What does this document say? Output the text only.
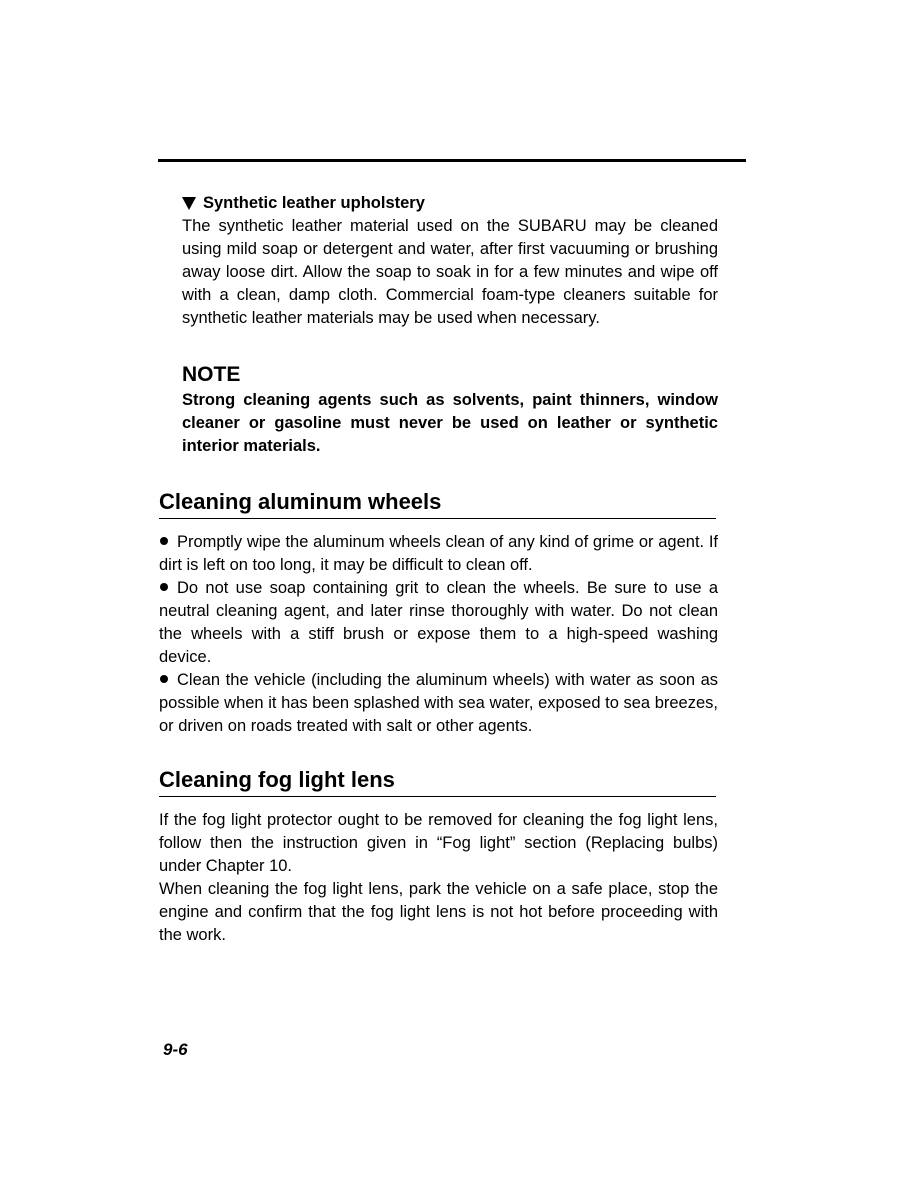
Synthetic leather upholstery

The synthetic leather material used on the SUBARU may be cleaned using mild soap or detergent and water, after first vacuuming or brushing away loose dirt. Allow the soap to soak in for a few minutes and wipe off with a clean, damp cloth. Commercial foam-type cleaners suitable for synthetic leather materials may be used when necessary.

NOTE
Strong cleaning agents such as solvents, paint thinners, window cleaner or gasoline must never be used on leather or synthetic interior materials.
Cleaning aluminum wheels

Promptly wipe the aluminum wheels clean of any kind of grime or agent. If dirt is left on too long, it may be difficult to clean off.

Do not use soap containing grit to clean the wheels. Be sure to use a neutral cleaning agent, and later rinse thoroughly with water. Do not clean the wheels with a stiff brush or expose them to a high-speed washing device.

Clean the vehicle (including the aluminum wheels) with water as soon as possible when it has been splashed with sea water, exposed to sea breezes, or driven on roads treated with salt or other agents.

Cleaning fog light lens

If the fog light protector ought to be removed for cleaning the fog light lens, follow then the instruction given in “Fog light” section (Replacing bulbs) under Chapter 10.

When cleaning the fog light lens, park the vehicle on a safe place, stop the engine and confirm that the fog light lens is not hot before proceeding with the work.

9-6
